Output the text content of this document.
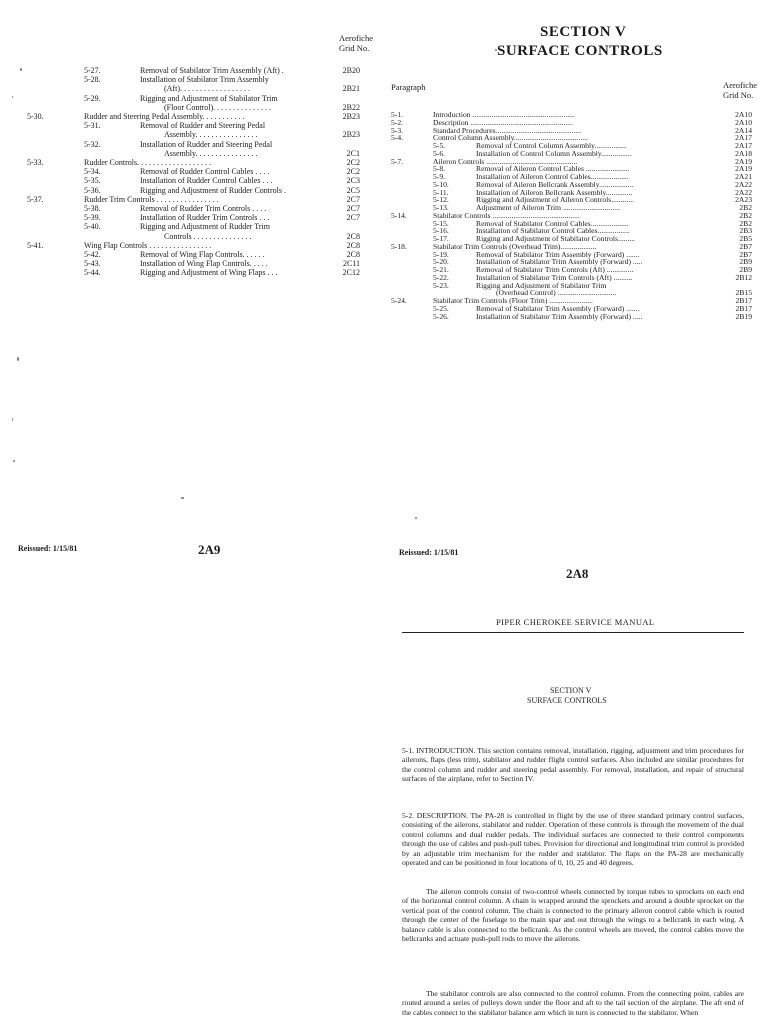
Aerofiche
Grid No.
5-27.	Removal of Stabilator Trim Assembly (Aft) .	2B20
5-28.	Installation of Stabilator Trim Assembly
(Aft). . . . . . . . . . . . . . . . . .	2B21
5-29.	Rigging and Adjustment of Stabilator Trim
(Floor Control). . . . . . . . . . . . . . .	2B22
5-30.	Rudder and Steering Pedal Assembly. . . . . . . . . . .	2B23
5-31.	Removal of Rudder and Steering Pedal
Assembly. . . . . . . . . . . . . . . .	2B23
5-32.	Installation of Rudder and Steering Pedal
Assembly. . . . . . . . . . . . . . . .	2C1
5-33.	Rudder Controls. . . . . . . . . . . . . . . . . . .	2C2
5-34.	Removal of Rudder Control Cables . . . .	2C2
5-35.	Installation of Rudder Control Cables . . .	2C3
5-36.	Rigging and Adjustment of Rudder Controls .	2C5
5-37.	Rudder Trim Controls . . . . . . . . . . . . . . . .	2C7
5-38.	Removal of Rudder Trim Controls . . . .	2C7
5-39.	Installation of Rudder Trim Controls . . .	2C7
5-40.	Rigging and Adjustment of Rudder Trim
Controls . . . . . . . . . . . . . . .	2C8
5-41.	Wing Flap Controls . . . . . . . . . . . . . . . .	2C8
5-42.	Removal of Wing Flap Controls. . . . . .	2C8
5-43.	Installation of Wing Flap Controls. . . . .	2C11
5-44.	Rigging and Adjustment of Wing Flaps . . .	2C12
Reissued: 1/15/81	2A9
SECTION V
SURFACE CONTROLS
Paragraph	Aerofiche
Grid No.
5-1.	Introduction ......................................................	2A10
5-2.	Description ......................................................	2A10
5-3.	Standard Procedures.............................................	2A14
5-4.	Control Column Assembly.......................................	2A17
5-5.	Removal of Control Column Assembly.................	2A17
5-6.	Installation of Control Column Assembly................	2A18
5-7.	Aileron Controls ................................................	2A19
5-8.	Removal of Aileron Control Cables .......................	2A19
5-9.	Installation of Aileron Control Cables....................	2A21
5-10.	Removal of Aileron Bellcrank Assembly..................	2A22
5-11.	Installation of Aileron Bellcrank Assembly..............	2A22
5-12.	Rigging and Adjustment of Aileron Controls............	2A23
5-13.	Adjustment of Aileron Trim ..............................	2B2
5-14.	Stabilator Controls ..............................................	2B2
5-15.	Removal of Stabilator Control Cables....................	2B2
5-16.	Installation of Stabilator Control Cables.................	2B3
5-17.	Rigging and Adjustment of Stabilator Controls.........	2B5
5-18.	Stabilator Trim Controls (Overhead Trim)...................	2B7
5-19.	Removal of Stabilator Trim Assembly (Forward) .......	2B7
5-20.	Installation of Stabilator Trim Assembly (Forward) .....	2B9
5-21.	Removal of Stabilator Trim Controls (Aft) ..............	2B9
5-22.	Installation of Stabilator Trim Controls (Aft) ..........	2B12
5-23.	Rigging and Adjustment of Stabilator Trim
(Overhead Control) ...............................	2B15
5-24.	Stabilator Trim Controls (Floor Trim) .......................	2B17
5-25.	Removal of Stabilator Trim Assembly (Forward) .......	2B17
5-26.	Installation of Stabilator Trim Assembly (Forward) .....	2B19
Reissued: 1/15/81
2A8
PIPER CHEROKEE SERVICE MANUAL
SECTION V
SURFACE CONTROLS
5-1. INTRODUCTION. This section contains removal, installation, rigging, adjustment and trim procedures for ailerons, flaps (less trim), stabilator and rudder flight control surfaces. Also included are similar procedures for the control column and rudder and steering pedal assembly. For removal, installation, and repair of structural surfaces of the airplane, refer to Section IV.
5-2. DESCRIPTION. The PA-28 is controlled in flight by the use of three standard primary control surfaces, consisting of the ailerons, stabilator and rudder. Operation of these controls is through the movement of the dual control columns and dual rudder pedals. The individual surfaces are connected to their control components through the use of cables and push-pull tubes. Provision for directional and longitudinal trim control is provided by an adjustable trim mechanism for the rudder and stabilator. The flaps on the PA-28 are mechanically operated and can be positioned in four locations of 0, 10, 25 and 40 degrees.
The aileron controls consist of two-control wheels connected by torque tubes to sprockets on each end of the horizontal control column. A chain is wrapped around the sprockets and around a double sprocket on the vertical post of the control column. The chain is connected to the primary aileron control cable which is routed through the center of the fuselage to the main spar and out through the wings to a bellcrank in each wing. A balance cable is also connected to the bellcrank. As the control wheels are moved, the control cables move the bellcranks and actuate push-pull rods to move the ailerons.
The stabilator controls are also connected to the control column. From the connecting point, cables are routed around a series of pulleys down under the floor and aft to the tail section of the airplane. The aft end of the cables connect to the stabilator balance arm which in turn is connected to the stabilator. When
